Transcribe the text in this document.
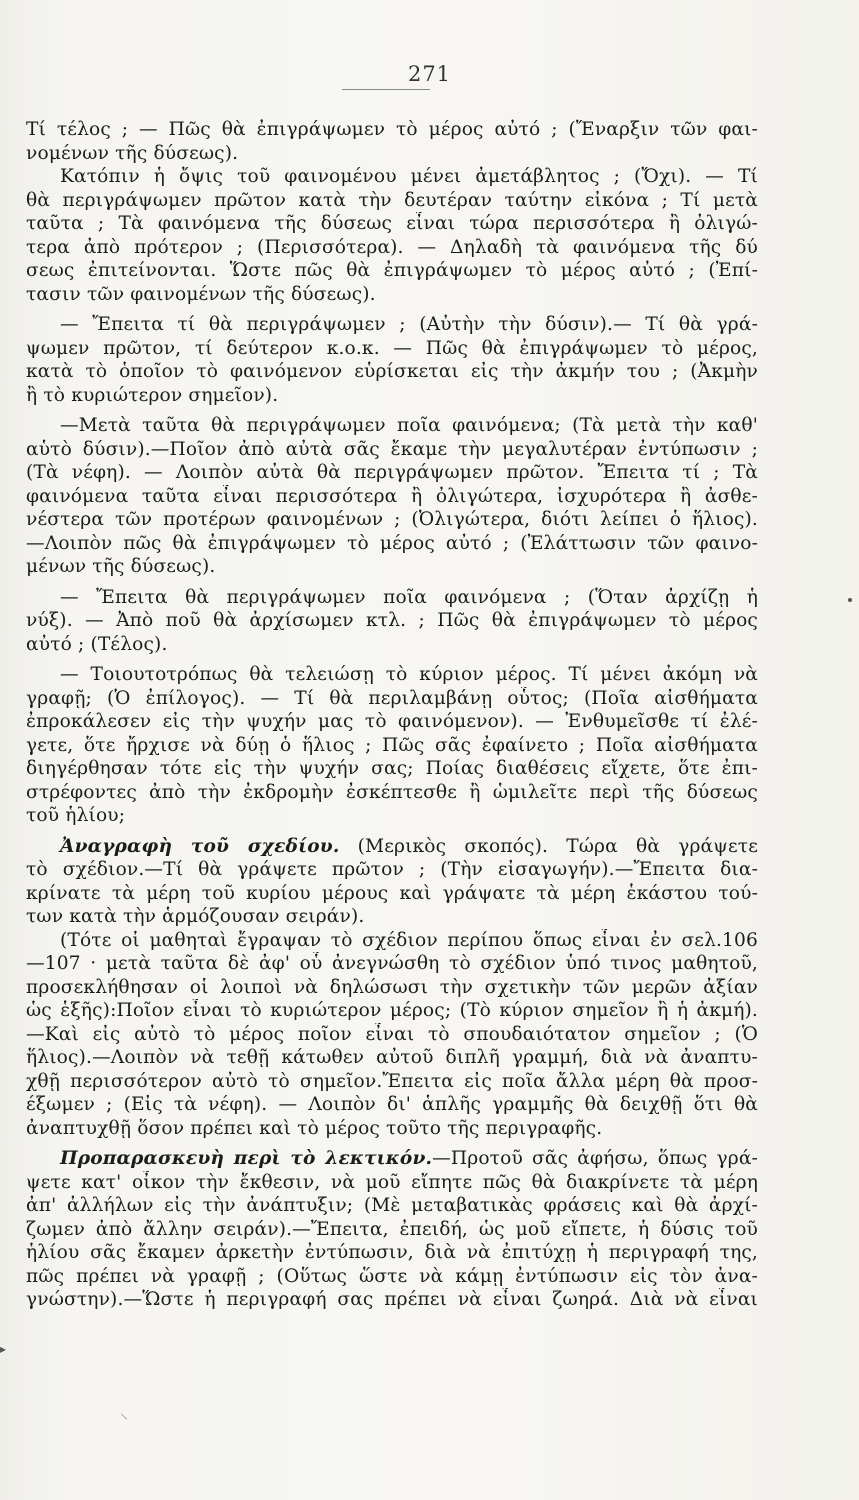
271
Τί τέλος ; — Πῶς θὰ ἐπιγράψωμεν τὸ μέρος αὐτό ; (Ἔναρξιν τῶν φαι-
νομένων τῆς δύσεως).
Κατόπιν ἡ ὄψις τοῦ φαινομένου μένει ἀμετάβλητος ; (Ὄχι). — Τί
θὰ περιγράψωμεν πρῶτον κατὰ τὴν δευτέραν ταύτην εἰκόνα ; Τί μετὰ
ταῦτα ; Τὰ φαινόμενα τῆς δύσεως εἶναι τώρα περισσότερα ἢ ὀλιγώ-
τερα ἀπὸ πρότερον ; (Περισσότερα). — Δηλαδὴ τὰ φαινόμενα τῆς δύ
σεως ἐπιτείνονται. Ὥστε πῶς θὰ ἐπιγράψωμεν τὸ μέρος αὐτό ; (Ἐπί-
τασιν τῶν φαινομένων τῆς δύσεως).
— Ἔπειτα τί θὰ περιγράψωμεν ; (Αὐτὴν τὴν δύσιν).— Τί θὰ γρά-
ψωμεν πρῶτον, τί δεύτερον κ.ο.κ. — Πῶς θὰ ἐπιγράψωμεν τὸ μέρος,
κατὰ τὸ ὁποῖον τὸ φαινόμενον εὑρίσκεται εἰς τὴν ἀκμήν του ; (Ἀκμὴν
ἢ τὸ κυριώτερον σημεῖον).
—Μετὰ ταῦτα θὰ περιγράψωμεν ποῖα φαινόμενα; (Τὰ μετὰ τὴν καθ'
αὑτὸ δύσιν).—Ποῖον ἀπὸ αὐτὰ σᾶς ἔκαμε τὴν μεγαλυτέραν ἐντύπωσιν ;
(Τὰ νέφη). — Λοιπὸν αὐτὰ θὰ περιγράψωμεν πρῶτον. Ἔπειτα τί ; Τὰ
φαινόμενα ταῦτα εἶναι περισσότερα ἢ ὀλιγώτερα, ἰσχυρότερα ἢ ἀσθε-
νέστερα τῶν προτέρων φαινομένων ; (Ὀλιγώτερα, διότι λείπει ὁ ἥλιος).
—Λοιπὸν πῶς θὰ ἐπιγράψωμεν τὸ μέρος αὐτό ; (Ἐλάττωσιν τῶν φαινο-
μένων τῆς δύσεως).
— Ἔπειτα θὰ περιγράψωμεν ποῖα φαινόμενα ; (Ὅταν ἀρχίζῃ ἡ
νύξ). — Ἀπὸ ποῦ θὰ ἀρχίσωμεν κτλ. ; Πῶς θὰ ἐπιγράψωμεν τὸ μέρος
αὐτό ; (Τέλος).
— Τοιουτοτρόπως θὰ τελειώσῃ τὸ κύριον μέρος. Τί μένει ἀκόμη νὰ
γραφῇ; (Ὁ ἐπίλογος). — Τί θὰ περιλαμβάνῃ οὗτος; (Ποῖα αἰσθήματα
ἐπροκάλεσεν εἰς τὴν ψυχήν μας τὸ φαινόμενον). — Ἐνθυμεῖσθε τί ἐλέ-
γετε, ὅτε ἤρχισε νὰ δύῃ ὁ ἥλιος ; Πῶς σᾶς ἐφαίνετο ; Ποῖα αἰσθήματα
διηγέρθησαν τότε εἰς τὴν ψυχήν σας; Ποίας διαθέσεις εἴχετε, ὅτε ἐπι-
στρέφοντες ἀπὸ τὴν ἐκδρομὴν ἐσκέπτεσθε ἢ ὡμιλεῖτε περὶ τῆς δύσεως
τοῦ ἡλίου;
Ἀναγραφὴ τοῦ σχεδίου. (Μερικὸς σκοπός). Τώρα θὰ γράψετε
τὸ σχέδιον.—Τί θὰ γράψετε πρῶτον ; (Τὴν εἰσαγωγήν).—Ἔπειτα δια-
κρίνατε τὰ μέρη τοῦ κυρίου μέρους καὶ γράψατε τὰ μέρη ἑκάστου τού-
των κατὰ τὴν ἁρμόζουσαν σειράν).
(Τότε οἱ μαθηταὶ ἔγραψαν τὸ σχέδιον περίπου ὅπως εἶναι ἐν σελ.106
—107 · μετὰ ταῦτα δὲ ἀφ' οὗ ἀνεγνώσθη τὸ σχέδιον ὑπό τινος μαθητοῦ,
προσεκλήθησαν οἱ λοιποὶ νὰ δηλώσωσι τὴν σχετικὴν τῶν μερῶν ἀξίαν
ὡς ἑξῆς):Ποῖον εἶναι τὸ κυριώτερον μέρος; (Τὸ κύριον σημεῖον ἢ ἡ ἀκμή).
—Καὶ εἰς αὐτὸ τὸ μέρος ποῖον εἶναι τὸ σπουδαιότατον σημεῖον ; (Ὁ
ἥλιος).—Λοιπὸν νὰ τεθῇ κάτωθεν αὐτοῦ διπλῆ γραμμή, διὰ νὰ ἀναπτυ-
χθῇ περισσότερον αὐτὸ τὸ σημεῖον.Ἔπειτα εἰς ποῖα ἄλλα μέρη θὰ προσ-
έξωμεν ; (Εἰς τὰ νέφη). — Λοιπὸν δι' ἁπλῆς γραμμῆς θὰ δειχθῇ ὅτι θὰ
ἀναπτυχθῇ ὅσον πρέπει καὶ τὸ μέρος τοῦτο τῆς περιγραφῆς.
Προπαρασκευὴ περὶ τὸ λεκτικόν.—Προτοῦ σᾶς ἀφήσω, ὅπως γρά-
ψετε κατ' οἶκον τὴν ἔκθεσιν, νὰ μοῦ εἴπητε πῶς θὰ διακρίνετε τὰ μέρη
ἀπ' ἀλλήλων εἰς τὴν ἀνάπτυξιν; (Μὲ μεταβατικὰς φράσεις καὶ θὰ ἀρχί-
ζωμεν ἀπὸ ἄλλην σειράν).—Ἔπειτα, ἐπειδή, ὡς μοῦ εἴπετε, ἡ δύσις τοῦ
ἡλίου σᾶς ἔκαμεν ἀρκετὴν ἐντύπωσιν, διὰ νὰ ἐπιτύχῃ ἡ περιγραφή της,
πῶς πρέπει νὰ γραφῇ ; (Οὕτως ὥστε νὰ κάμῃ ἐντύπωσιν εἰς τὸν ἀνα-
γνώστην).—Ὥστε ἡ περιγραφή σας πρέπει νὰ εἶναι ζωηρά. Διὰ νὰ εἶναι
▸
⸌
